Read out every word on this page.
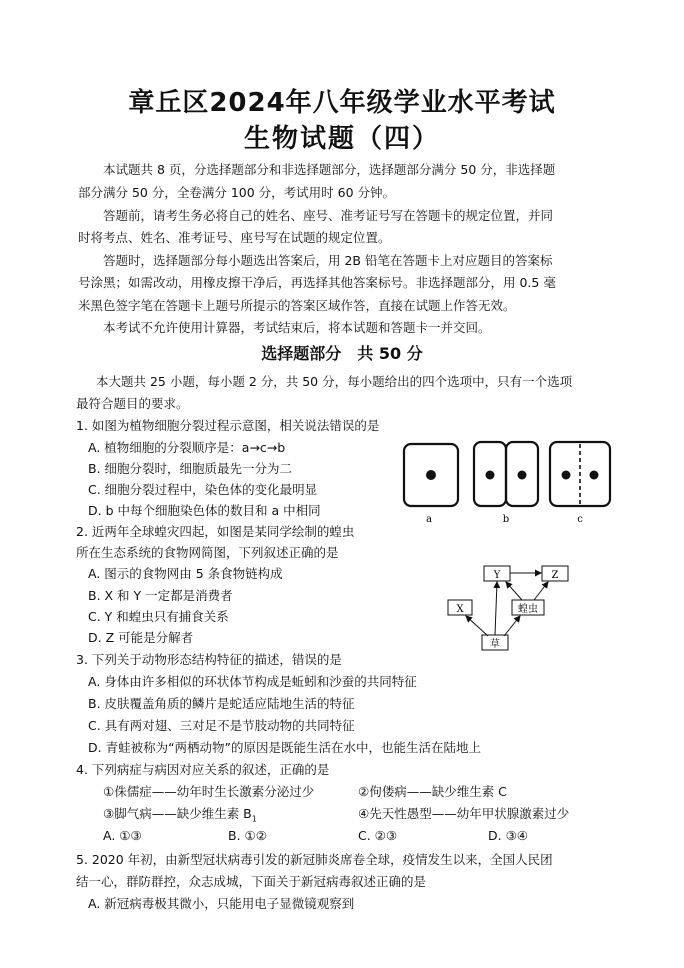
章丘区2024年八年级学业水平考试
生物试题（四）
本试题共 8 页，分选择题部分和非选择题部分，选择题部分满分 50 分，非选择题
部分满分 50 分，全卷满分 100 分，考试用时 60 分钟。
答题前，请考生务必将自己的姓名、座号、准考证号写在答题卡的规定位置，并同
时将考点、姓名、准考证号、座号写在试题的规定位置。
答题时，选择题部分每小题选出答案后，用 2B 铅笔在答题卡上对应题目的答案标
号涂黑；如需改动，用橡皮擦干净后，再选择其他答案标号。非选择题部分，用 0.5 毫
米黑色签字笔在答题卡上题号所提示的答案区域作答，直接在试题上作答无效。
本考试不允许使用计算器，考试结束后，将本试题和答题卡一并交回。
选择题部分　共 50 分
本大题共 25 小题，每小题 2 分，共 50 分，每小题给出的四个选项中，只有一个选项
最符合题目的要求。
1. 如图为植物细胞分裂过程示意图，相关说法错误的是
A. 植物细胞的分裂顺序是：a→c→b
B. 细胞分裂时，细胞质最先一分为二
C. 细胞分裂过程中，染色体的变化最明显
D. b 中每个细胞染色体的数目和 a 中相同
a	b	c
2. 近两年全球蝗灾四起，如图是某同学绘制的蝗虫
所在生态系统的食物网简图，下列叙述正确的是
A. 图示的食物网由 5 条食物链构成
B. X 和 Y 一定都是消费者
C. Y 和蝗虫只有捕食关系
D. Z 可能是分解者
Y	Z
X	蝗虫
草
3. 下列关于动物形态结构特征的描述，错误的是
A. 身体由许多相似的环状体节构成是蚯蚓和沙蚕的共同特征
B. 皮肤覆盖角质的鳞片是蛇适应陆地生活的特征
C. 具有两对翅、三对足不是节肢动物的共同特征
D. 青蛙被称为“两栖动物”的原因是既能生活在水中，也能生活在陆地上
4. 下列病症与病因对应关系的叙述，正确的是
①侏儒症——幼年时生长激素分泌过少	②佝偻病——缺少维生素 C
③脚气病——缺少维生素 $B_1$	④先天性愚型——幼年甲状腺激素过少
A. ①③	B. ①②	C. ②③	D. ③④
5. 2020 年初，由新型冠状病毒引发的新冠肺炎席卷全球，疫情发生以来，全国人民团
结一心，群防群控，众志成城，下面关于新冠病毒叙述正确的是
A. 新冠病毒极其微小，只能用电子显微镜观察到
